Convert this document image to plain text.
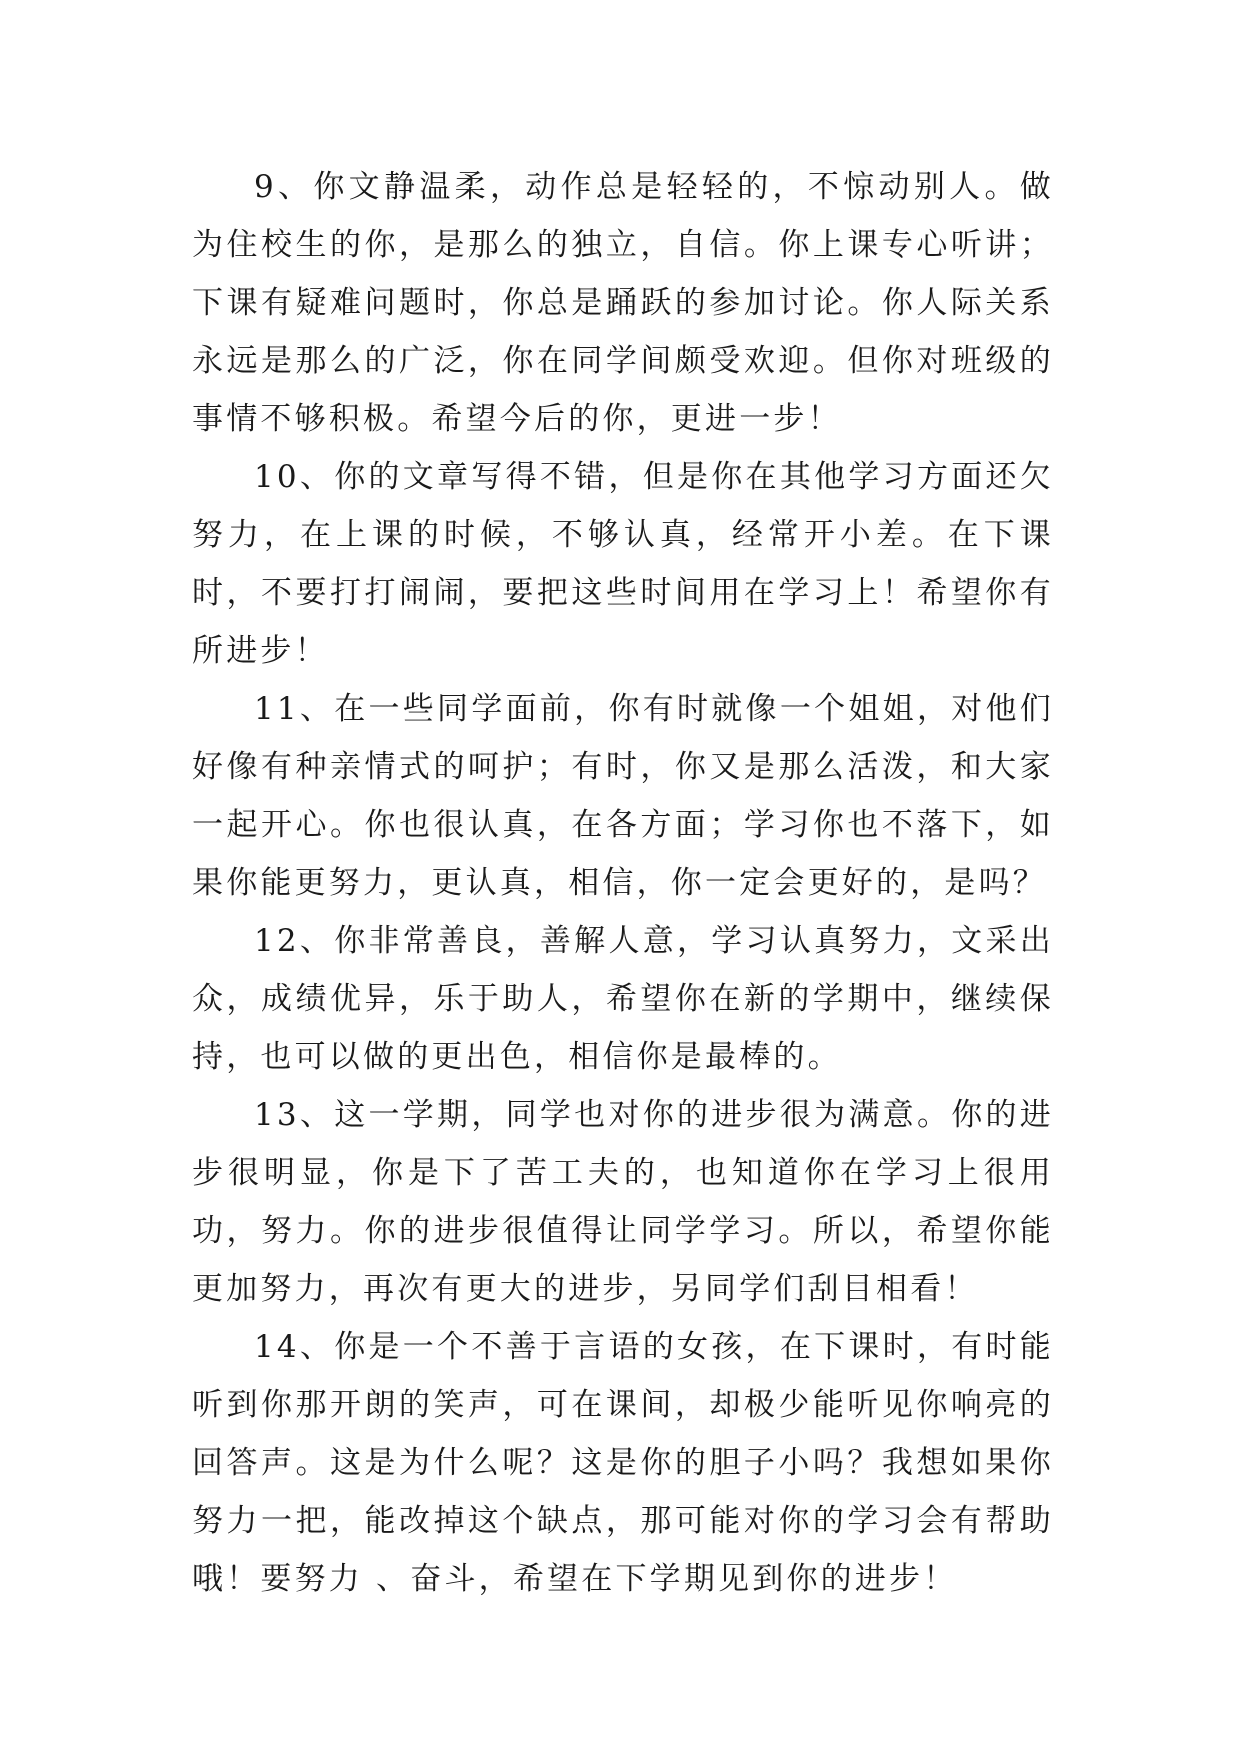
9、你文静温柔，动作总是轻轻的，不惊动别人。做为住校生的你，是那么的独立，自信。你上课专心听讲；下课有疑难问题时，你总是踊跃的参加讨论。你人际关系永远是那么的广泛，你在同学间颇受欢迎。但你对班级的事情不够积极。希望今后的你，更进一步！

10、你的文章写得不错，但是你在其他学习方面还欠努力，在上课的时候，不够认真，经常开小差。在下课时，不要打打闹闹，要把这些时间用在学习上！希望你有所进步！

11、在一些同学面前，你有时就像一个姐姐，对他们好像有种亲情式的呵护；有时，你又是那么活泼，和大家一起开心。你也很认真，在各方面；学习你也不落下，如果你能更努力，更认真，相信，你一定会更好的，是吗？

12、你非常善良，善解人意，学习认真努力，文采出众，成绩优异，乐于助人，希望你在新的学期中，继续保持，也可以做的更出色，相信你是最棒的。

13、这一学期，同学也对你的进步很为满意。你的进步很明显，你是下了苦工夫的，也知道你在学习上很用功，努力。你的进步很值得让同学学习。所以，希望你能更加努力，再次有更大的进步，另同学们刮目相看！

14、你是一个不善于言语的女孩，在下课时，有时能听到你那开朗的笑声，可在课间，却极少能听见你响亮的回答声。这是为什么呢？这是你的胆子小吗？我想如果你努力一把，能改掉这个缺点，那可能对你的学习会有帮助哦！要努力 、奋斗，希望在下学期见到你的进步！
